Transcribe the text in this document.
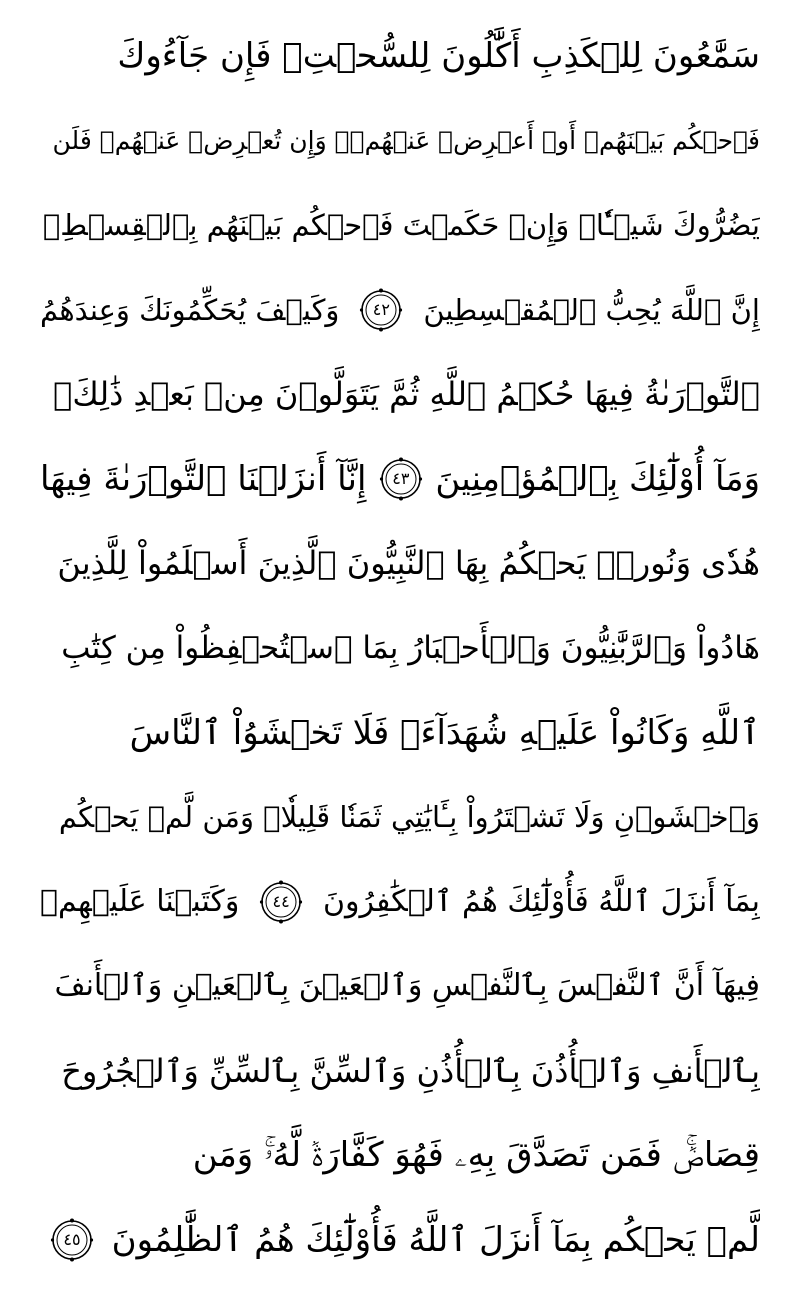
سَمَّٰعُونَ لِلۡكَذِبِ أَكَّٰلُونَ لِلسُّحۡتِۚ فَإِن جَآءُوكَ
فَٱحۡكُم بَيۡنَهُمۡ أَوۡ أَعۡرِضۡ عَنۡهُمۡۖ وَإِن تُعۡرِضۡ عَنۡهُمۡ فَلَن
يَضُرُّوكَ شَيۡـٔٗاۖ وَإِنۡ حَكَمۡتَ فَٱحۡكُم بَيۡنَهُم بِٱلۡقِسۡطِۚ
إِنَّ ٱللَّهَ يُحِبُّ ٱلۡمُقۡسِطِينَ
٤٢
وَكَيۡفَ يُحَكِّمُونَكَ وَعِندَهُمُ
ٱلتَّوۡرَىٰةُ فِيهَا حُكۡمُ ٱللَّهِ ثُمَّ يَتَوَلَّوۡنَ مِنۢ بَعۡدِ ذَٰلِكَۚ
وَمَآ أُوْلَٰٓئِكَ بِٱلۡمُؤۡمِنِينَ
٤٣
إِنَّآ أَنزَلۡنَا ٱلتَّوۡرَىٰةَ فِيهَا
هُدٗى وَنُورٞۚ يَحۡكُمُ بِهَا ٱلنَّبِيُّونَ ٱلَّذِينَ أَسۡلَمُواْ لِلَّذِينَ
هَادُواْ وَٱلرَّبَّٰنِيُّونَ وَٱلۡأَحۡبَارُ بِمَا ٱسۡتُحۡفِظُواْ مِن كِتَٰبِ
ٱللَّهِ وَكَانُواْ عَلَيۡهِ شُهَدَآءَۚ فَلَا تَخۡشَوُاْ ٱلنَّاسَ
وَٱخۡشَوۡنِ وَلَا تَشۡتَرُواْ بِـَٔايَٰتِي ثَمَنٗا قَلِيلٗاۚ وَمَن لَّمۡ يَحۡكُم
بِمَآ أَنزَلَ ٱللَّهُ فَأُوْلَٰٓئِكَ هُمُ ٱلۡكَٰفِرُونَ
٤٤
وَكَتَبۡنَا عَلَيۡهِمۡ
فِيهَآ أَنَّ ٱلنَّفۡسَ بِٱلنَّفۡسِ وَٱلۡعَيۡنَ بِٱلۡعَيۡنِ وَٱلۡأَنفَ
بِٱلۡأَنفِ وَٱلۡأُذُنَ بِٱلۡأُذُنِ وَٱلسِّنَّ بِٱلسِّنِّ وَٱلۡجُرُوحَ
قِصَاصٞۚ فَمَن تَصَدَّقَ بِهِۦ فَهُوَ كَفَّارَةٞ لَّهُۥۚ وَمَن
لَّمۡ يَحۡكُم بِمَآ أَنزَلَ ٱللَّهُ فَأُوْلَٰٓئِكَ هُمُ ٱلظَّٰلِمُونَ
٤٥
